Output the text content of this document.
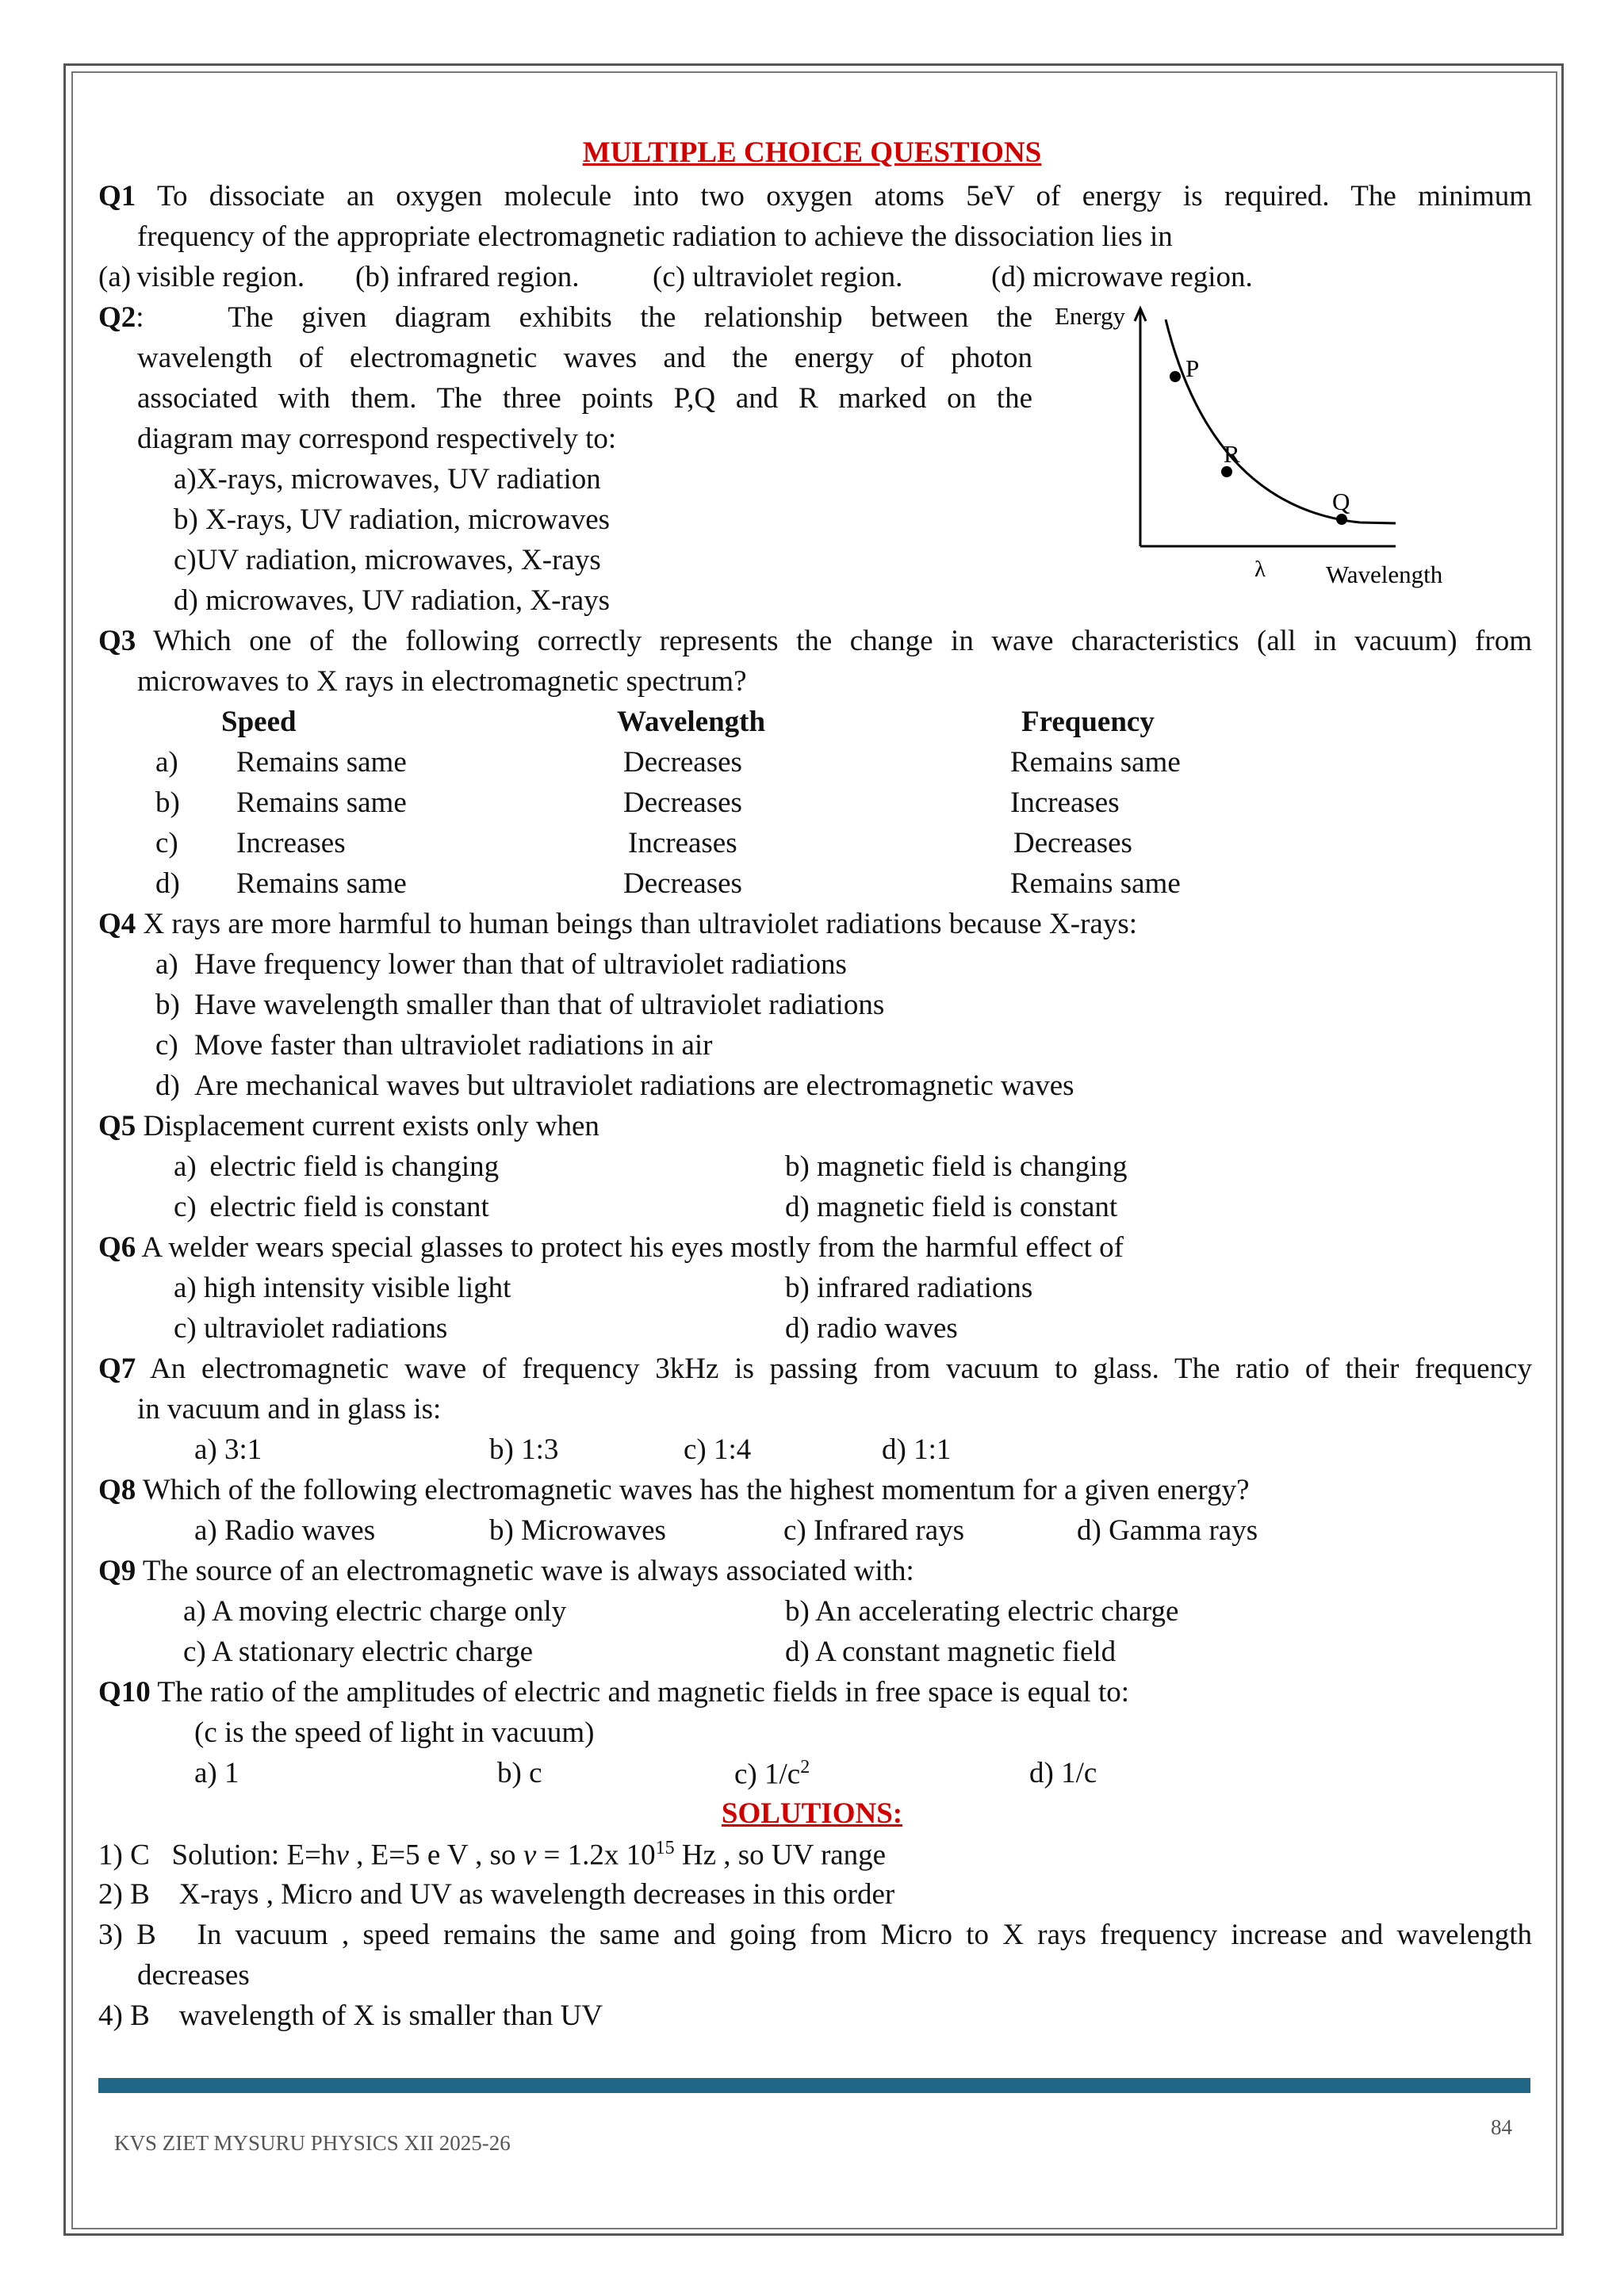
MULTIPLE CHOICE QUESTIONS
Q1 To dissociate an oxygen molecule into two oxygen atoms 5eV of energy is required. The minimum
frequency of the appropriate electromagnetic radiation to achieve the dissociation lies in
(a) visible region. (b) infrared region. (c) ultraviolet region.	(d) microwave region.
Q2:	The given diagram exhibits the relationship between the
wavelength of electromagnetic waves and the energy of photon
associated with them. The three points P,Q and R marked on the
diagram may correspond respectively to:
a)X-rays, microwaves, UV radiation
b) X-rays, UV radiation, microwaves
c)UV radiation, microwaves, X-rays
d) microwaves, UV radiation, X-rays
Energy
Wavelength
λ
P
R
Q
Q3 Which one of the following correctly represents the change in wave characteristics (all in vacuum) from
microwaves to X rays in electromagnetic spectrum?
Speed	Wavelength	Frequency
a) Remains same	Decreases	Remains same
b) Remains same	Decreases	Increases
c) Increases	Increases	Decreases
d) Remains same	Decreases	Remains same
Q4 X rays are more harmful to human beings than ultraviolet radiations because X-rays:
a) Have frequency lower than that of ultraviolet radiations
b) Have wavelength smaller than that of ultraviolet radiations
c) Move faster than ultraviolet radiations in air
d) Are mechanical waves but ultraviolet radiations are electromagnetic waves
Q5 Displacement current exists only when
a)  electric field is changing	b) magnetic field is changing
c)  electric field is constant	d) magnetic field is constant
Q6 A welder wears special glasses to protect his eyes mostly from the harmful effect of
a) high intensity visible light	b) infrared radiations
c) ultraviolet radiations	d) radio waves
Q7 An electromagnetic wave of frequency 3kHz is passing from vacuum to glass. The ratio of their frequency
in vacuum and in glass is:
a) 3:1	b) 1:3	c) 1:4	d) 1:1
Q8 Which of the following electromagnetic waves has the highest momentum for a given energy?
a) Radio waves	b) Microwaves	c) Infrared rays	d) Gamma rays
Q9 The source of an electromagnetic wave is always associated with:
a) A moving electric charge only	b) An accelerating electric charge
c) A stationary electric charge	d) A constant magnetic field
Q10 The ratio of the amplitudes of electric and magnetic fields in free space is equal to:
(c is the speed of light in vacuum)
a) 1	b) c	c) $1/c^2$	d) 1/c
SOLUTIONS:
1) C Solution: E=hν , E=5 e V , so ν = 1.2x $10^{15}$ Hz , so UV range
2) B X-rays , Micro and UV as wavelength decreases in this order
3) B In vacuum , speed remains the same and going from Micro to X rays frequency increase and wavelength
decreases
4) B wavelength of X is smaller than UV
KVS ZIET MYSURU PHYSICS XII 2025-26
84
